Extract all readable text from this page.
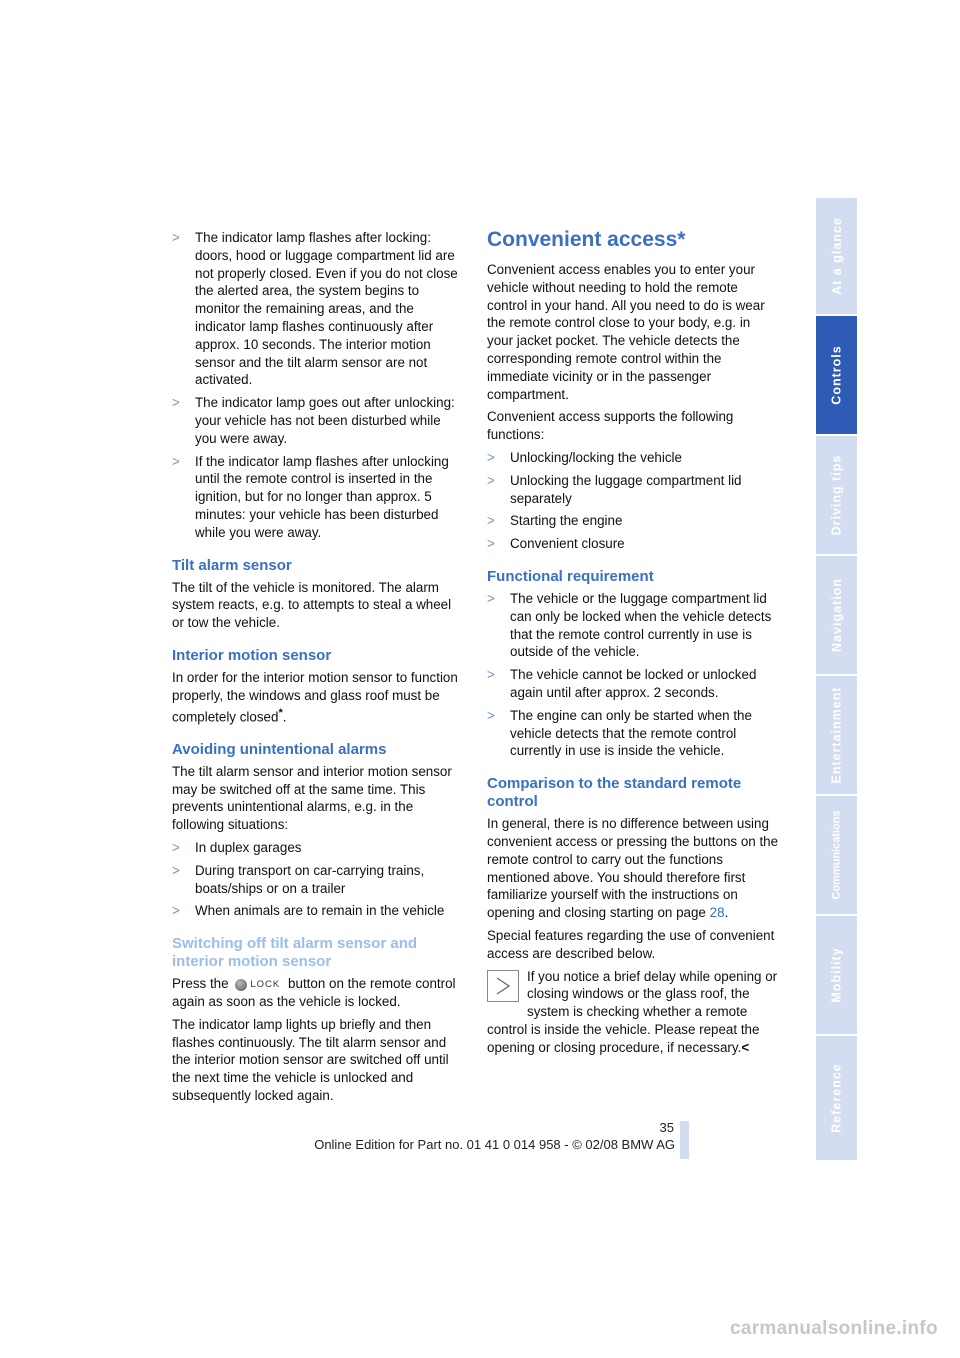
> The indicator lamp flashes after locking: doors, hood or luggage compartment lid are not properly closed. Even if you do not close the alerted area, the system begins to monitor the remaining areas, and the indicator lamp flashes continuously after approx. 10 seconds. The interior motion sensor and the tilt alarm sensor are not activated.
> The indicator lamp goes out after unlocking: your vehicle has not been disturbed while you were away.
> If the indicator lamp flashes after unlocking until the remote control is inserted in the ignition, but for no longer than approx. 5 minutes: your vehicle has been disturbed while you were away.
Tilt alarm sensor

The tilt of the vehicle is monitored. The alarm system reacts, e.g. to attempts to steal a wheel or tow the vehicle.

Interior motion sensor

In order for the interior motion sensor to function properly, the windows and glass roof must be completely closed*.

Avoiding unintentional alarms

The tilt alarm sensor and interior motion sensor may be switched off at the same time. This prevents unintentional alarms, e.g. in the following situations:

> In duplex garages
> During transport on car-carrying trains, boats/ships or on a trailer
> When animals are to remain in the vehicle
Switching off tilt alarm sensor and interior motion sensor

Press the LOCK button on the remote control again as soon as the vehicle is locked.

The indicator lamp lights up briefly and then flashes continuously. The tilt alarm sensor and the interior motion sensor are switched off until the next time the vehicle is unlocked and subsequently locked again.

Convenient access*

Convenient access enables you to enter your vehicle without needing to hold the remote control in your hand. All you need to do is wear the remote control close to your body, e.g. in your jacket pocket. The vehicle detects the corresponding remote control within the immediate vicinity or in the passenger compartment.

Convenient access supports the following functions:

> Unlocking/locking the vehicle
> Unlocking the luggage compartment lid separately
> Starting the engine
> Convenient closure
Functional requirement
> The vehicle or the luggage compartment lid can only be locked when the vehicle detects that the remote control currently in use is outside of the vehicle.
> The vehicle cannot be locked or unlocked again until after approx. 2 seconds.
> The engine can only be started when the vehicle detects that the remote control currently in use is inside the vehicle.
Comparison to the standard remote control

In general, there is no difference between using convenient access or pressing the buttons on the remote control to carry out the functions mentioned above. You should therefore first familiarize yourself with the instructions on opening and closing starting on page 28.

Special features regarding the use of convenient access are described below.

If you notice a brief delay while opening or closing windows or the glass roof, the system is checking whether a remote control is inside the vehicle. Please repeat the opening or closing procedure, if necessary.<
At a glance
Controls
Driving tips
Navigation
Entertainment
Communications
Mobility
Reference
35
Online Edition for Part no. 01 41 0 014 958 - © 02/08 BMW AG
carmanualsonline.info
